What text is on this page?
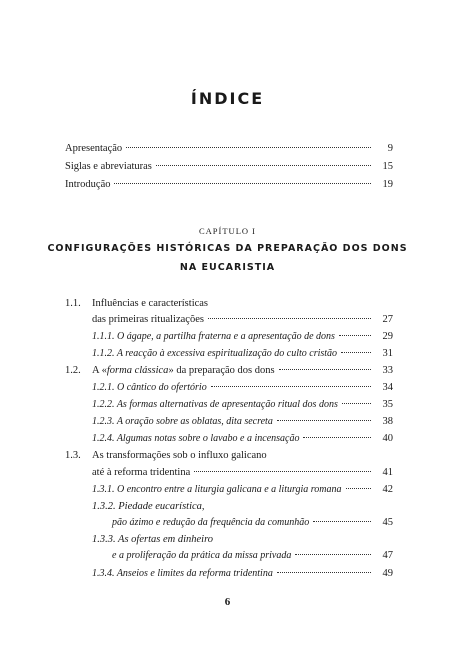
ÍNDICE
Apresentação	9
Siglas e abreviaturas	15
Introdução	19
CAPÍTULO I
CONFIGURAÇÕES HISTÓRICAS DA PREPARAÇÃO DOS DONS
NA EUCARISTIA
1.1. Influências e características
das primeiras ritualizações	27
1.1.1. O ágape, a partilha fraterna e a apresentação de dons	29
1.1.2. A reacção à excessiva espiritualização do culto cristão	31
1.2. A «forma clássica» da preparação dos dons	33
1.2.1. O cântico do ofertório	34
1.2.2. As formas alternativas de apresentação ritual dos dons	35
1.2.3. A oração sobre as oblatas, dita secreta	38
1.2.4. Algumas notas sobre o lavabo e a incensação	40
1.3. As transformações sob o influxo galicano
até à reforma tridentina	41
1.3.1. O encontro entre a liturgia galicana e a liturgia romana	42
1.3.2. Piedade eucarística,
pão ázimo e redução da frequência da comunhão	45
1.3.3. As ofertas em dinheiro
e a proliferação da prática da missa privada	47
1.3.4. Anseios e limites da reforma tridentina	49
6
